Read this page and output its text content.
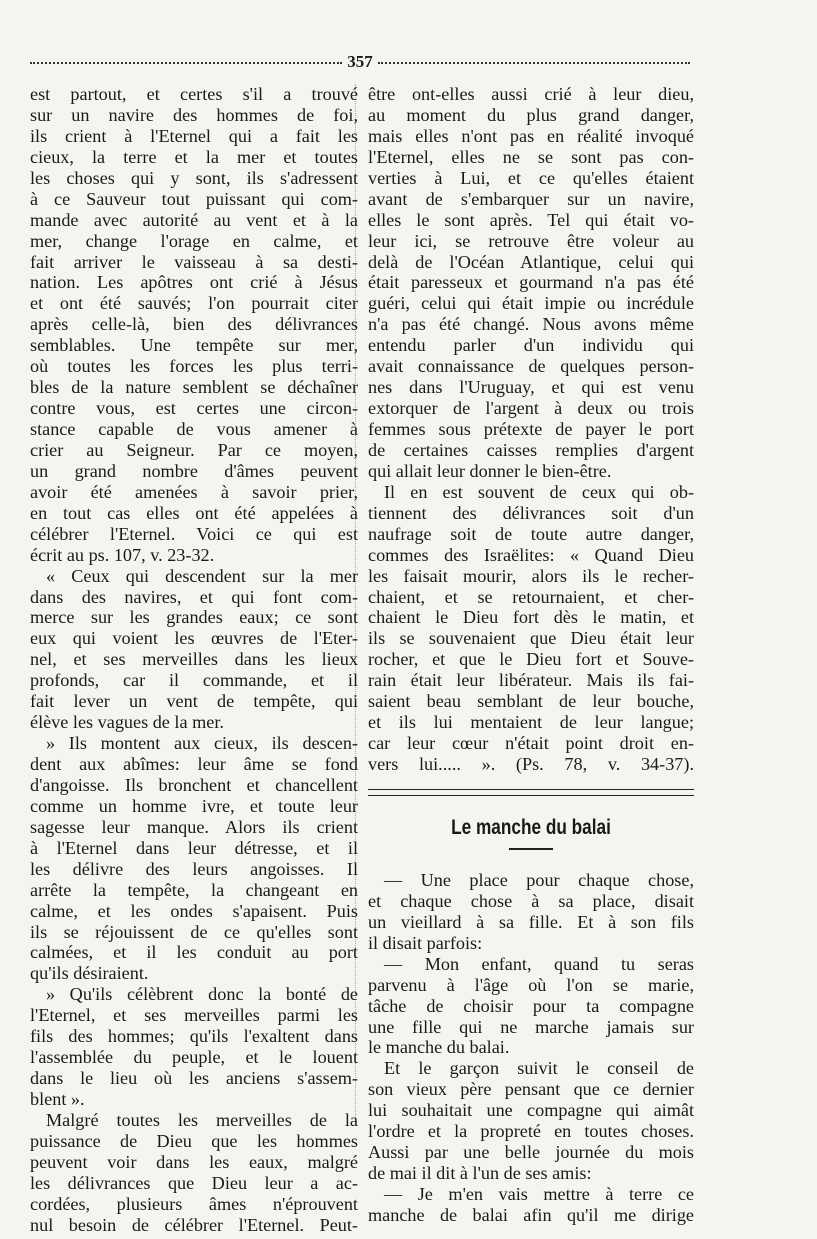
357
est partout, et certes s'il a trouvé
sur un navire des hommes de foi,
ils crient à l'Eternel qui a fait les
cieux, la terre et la mer et toutes
les choses qui y sont, ils s'adressent
à ce Sauveur tout puissant qui com-
mande avec autorité au vent et à la
mer, change l'orage en calme, et
fait arriver le vaisseau à sa desti-
nation. Les apôtres ont crié à Jésus
et ont été sauvés; l'on pourrait citer
après celle-là, bien des délivrances
semblables. Une tempête sur mer,
où toutes les forces les plus terri-
bles de la nature semblent se déchaîner
contre vous, est certes une circon-
stance capable de vous amener à
crier au Seigneur. Par ce moyen,
un grand nombre d'âmes peuvent
avoir été amenées à savoir prier,
en tout cas elles ont été appelées à
célébrer l'Eternel. Voici ce qui est
écrit au ps. 107, v. 23-32.
« Ceux qui descendent sur la mer
dans des navires, et qui font com-
merce sur les grandes eaux; ce sont
eux qui voient les œuvres de l'Eter-
nel, et ses merveilles dans les lieux
profonds, car il commande, et il
fait lever un vent de tempête, qui
élève les vagues de la mer.
» Ils montent aux cieux, ils descen-
dent aux abîmes: leur âme se fond
d'angoisse. Ils bronchent et chancellent
comme un homme ivre, et toute leur
sagesse leur manque. Alors ils crient
à l'Eternel dans leur détresse, et il
les délivre des leurs angoisses. Il
arrête la tempête, la changeant en
calme, et les ondes s'apaisent. Puis
ils se réjouissent de ce qu'elles sont
calmées, et il les conduit au port
qu'ils désiraient.
» Qu'ils célèbrent donc la bonté de
l'Eternel, et ses merveilles parmi les
fils des hommes; qu'ils l'exaltent dans
l'assemblée du peuple, et le louent
dans le lieu où les anciens s'assem-
blent ».
Malgré toutes les merveilles de la
puissance de Dieu que les hommes
peuvent voir dans les eaux, malgré
les délivrances que Dieu leur a ac-
cordées, plusieurs âmes n'éprouvent
nul besoin de célébrer l'Eternel. Peut-
être ont-elles aussi crié à leur dieu,
au moment du plus grand danger,
mais elles n'ont pas en réalité invoqué
l'Eternel, elles ne se sont pas con-
verties à Lui, et ce qu'elles étaient
avant de s'embarquer sur un navire,
elles le sont après. Tel qui était vo-
leur ici, se retrouve être voleur au
delà de l'Océan Atlantique, celui qui
était paresseux et gourmand n'a pas été
guéri, celui qui était impie ou incrédule
n'a pas été changé. Nous avons même
entendu parler d'un individu qui
avait connaissance de quelques person-
nes dans l'Uruguay, et qui est venu
extorquer de l'argent à deux ou trois
femmes sous prétexte de payer le port
de certaines caisses remplies d'argent
qui allait leur donner le bien-être.
Il en est souvent de ceux qui ob-
tiennent des délivrances soit d'un
naufrage soit de toute autre danger,
commes des Israëlites: « Quand Dieu
les faisait mourir, alors ils le recher-
chaient, et se retournaient, et cher-
chaient le Dieu fort dès le matin, et
ils se souvenaient que Dieu était leur
rocher, et que le Dieu fort et Souve-
rain était leur libérateur. Mais ils fai-
saient beau semblant de leur bouche,
et ils lui mentaient de leur langue;
car leur cœur n'était point droit en-
vers lui..... ». (Ps. 78, v. 34-37).
Le manche du balai
— Une place pour chaque chose,
et chaque chose à sa place, disait
un vieillard à sa fille. Et à son fils
il disait parfois:
— Mon enfant, quand tu seras
parvenu à l'âge où l'on se marie,
tâche de choisir pour ta compagne
une fille qui ne marche jamais sur
le manche du balai.
Et le garçon suivit le conseil de
son vieux père pensant que ce dernier
lui souhaitait une compagne qui aimât
l'ordre et la propreté en toutes choses.
Aussi par une belle journée du mois
de mai il dit à l'un de ses amis:
— Je m'en vais mettre à terre ce
manche de balai afin qu'il me dirige
